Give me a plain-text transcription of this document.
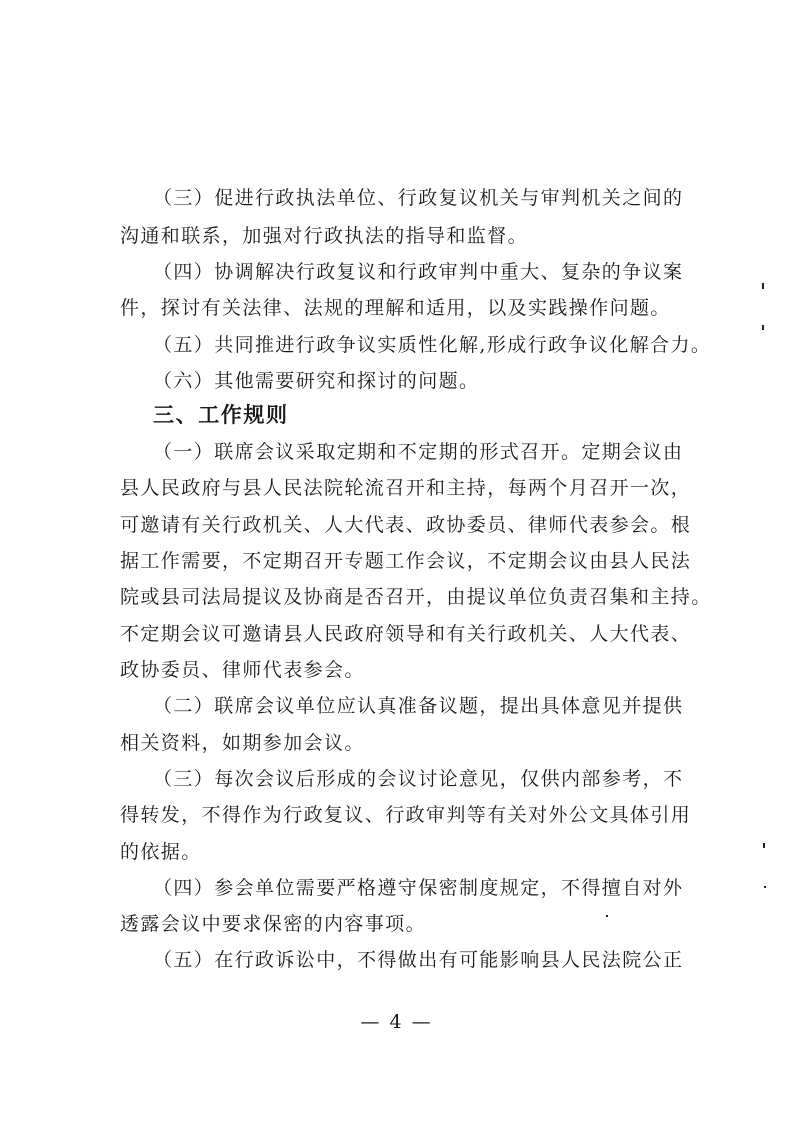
（三）促进行政执法单位、行政复议机关与审判机关之间的
沟通和联系，加强对行政执法的指导和监督。
（四）协调解决行政复议和行政审判中重大、复杂的争议案
件，探讨有关法律、法规的理解和适用，以及实践操作问题。
（五）共同推进行政争议实质性化解,形成行政争议化解合力。
（六）其他需要研究和探讨的问题。
三、工作规则
（一）联席会议采取定期和不定期的形式召开。定期会议由
县人民政府与县人民法院轮流召开和主持，每两个月召开一次，
可邀请有关行政机关、人大代表、政协委员、律师代表参会。根
据工作需要，不定期召开专题工作会议，不定期会议由县人民法
院或县司法局提议及协商是否召开，由提议单位负责召集和主持。
不定期会议可邀请县人民政府领导和有关行政机关、人大代表、
政协委员、律师代表参会。
（二）联席会议单位应认真准备议题，提出具体意见并提供
相关资料，如期参加会议。
（三）每次会议后形成的会议讨论意见，仅供内部参考，不
得转发，不得作为行政复议、行政审判等有关对外公文具体引用
的依据。
（四）参会单位需要严格遵守保密制度规定，不得擅自对外
透露会议中要求保密的内容事项。
（五）在行政诉讼中，不得做出有可能影响县人民法院公正
— 4 —
